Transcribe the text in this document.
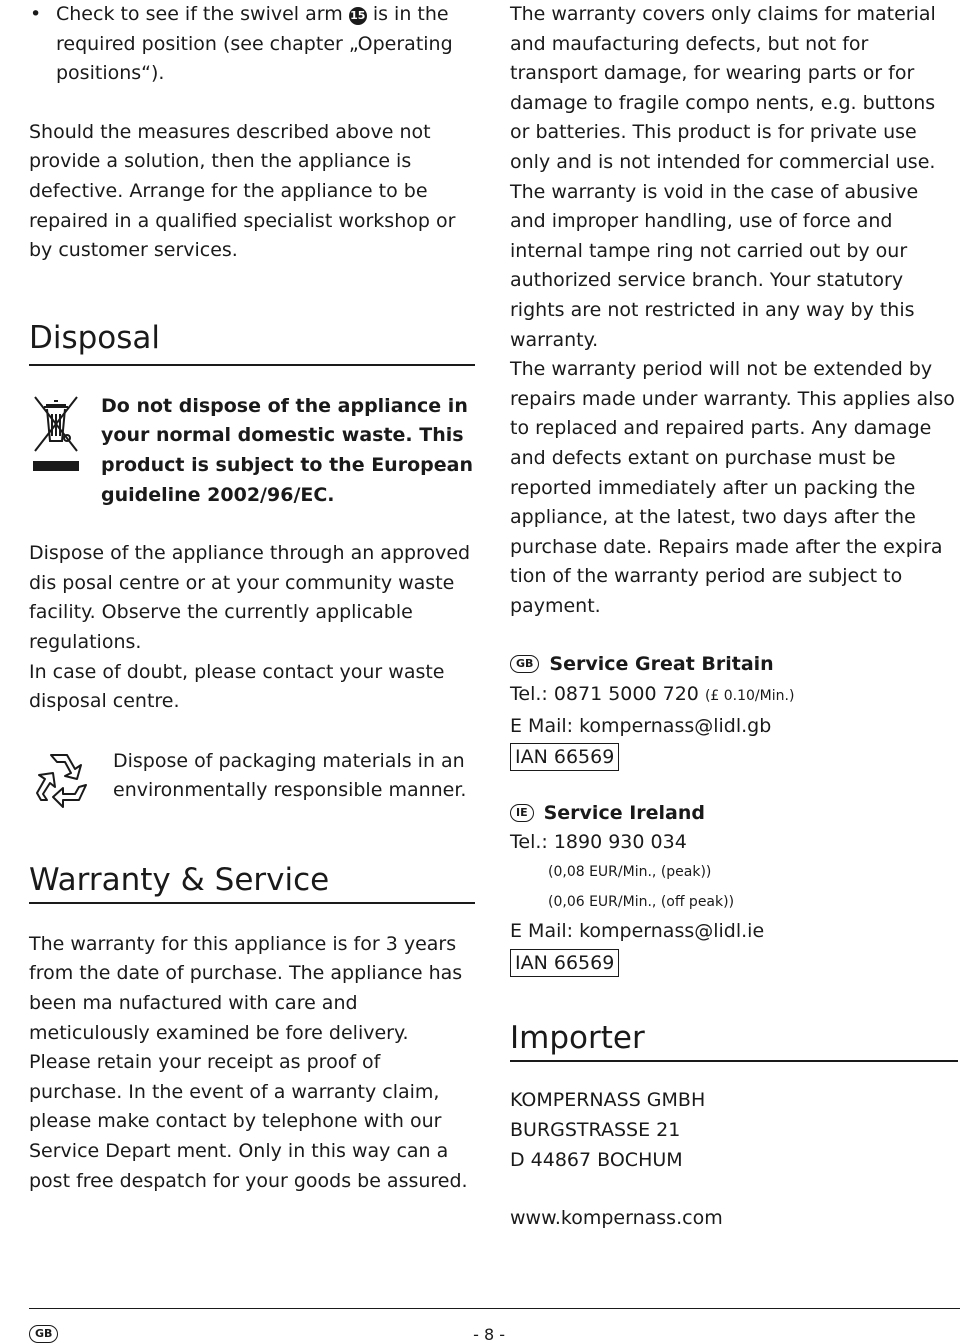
• Check to see if the swivel arm 15 is in the required position (see chapter „Operating positions“).

Should the measures described above not provide a solution, then the appliance is defective. Arrange for the appliance to be repaired in a qualified specialist workshop or by customer services.

Disposal

Do not dispose of the appliance in your normal domestic waste. This product is subject to the European guideline 2002/96/EC.

Dispose of the appliance through an approved dis posal centre or at your community waste facility. Observe the currently applicable regulations.

In case of doubt, please contact your waste disposal centre.

Dispose of packaging materials in an environmentally responsible manner.

Warranty & Service

The warranty for this appliance is for 3 years from the date of purchase. The appliance has been ma nufactured with care and meticulously examined be fore delivery. Please retain your receipt as proof of purchase. In the event of a warranty claim, please make contact by telephone with our Service Depart ment. Only in this way can a post free despatch for your goods be assured.

The warranty covers only claims for material and maufacturing defects, but not for transport damage, for wearing parts or for damage to fragile compo nents, e.g. buttons or batteries. This product is for private use only and is not intended for commercial use. The warranty is void in the case of abusive and improper handling, use of force and internal tampe ring not carried out by our authorized service branch. Your statutory rights are not restricted in any way by this warranty.

The warranty period will not be extended by repairs made under warranty. This applies also to replaced and repaired parts. Any damage and defects extant on purchase must be reported immediately after un packing the appliance, at the latest, two days after the purchase date. Repairs made after the expira tion of the warranty period are subject to payment.

GB Service Great Britain

Tel.: 0871 5000 720 (£ 0.10/Min.)

E Mail: kompernass@lidl.gb

IAN 66569

IE Service Ireland

Tel.: 1890 930 034

(0,08 EUR/Min., (peak))

(0,06 EUR/Min., (off peak))

E Mail: kompernass@lidl.ie

IAN 66569

Importer

KOMPERNASS GMBH

BURGSTRASSE 21

D 44867 BOCHUM

www.kompernass.com

GB	- 8 -
